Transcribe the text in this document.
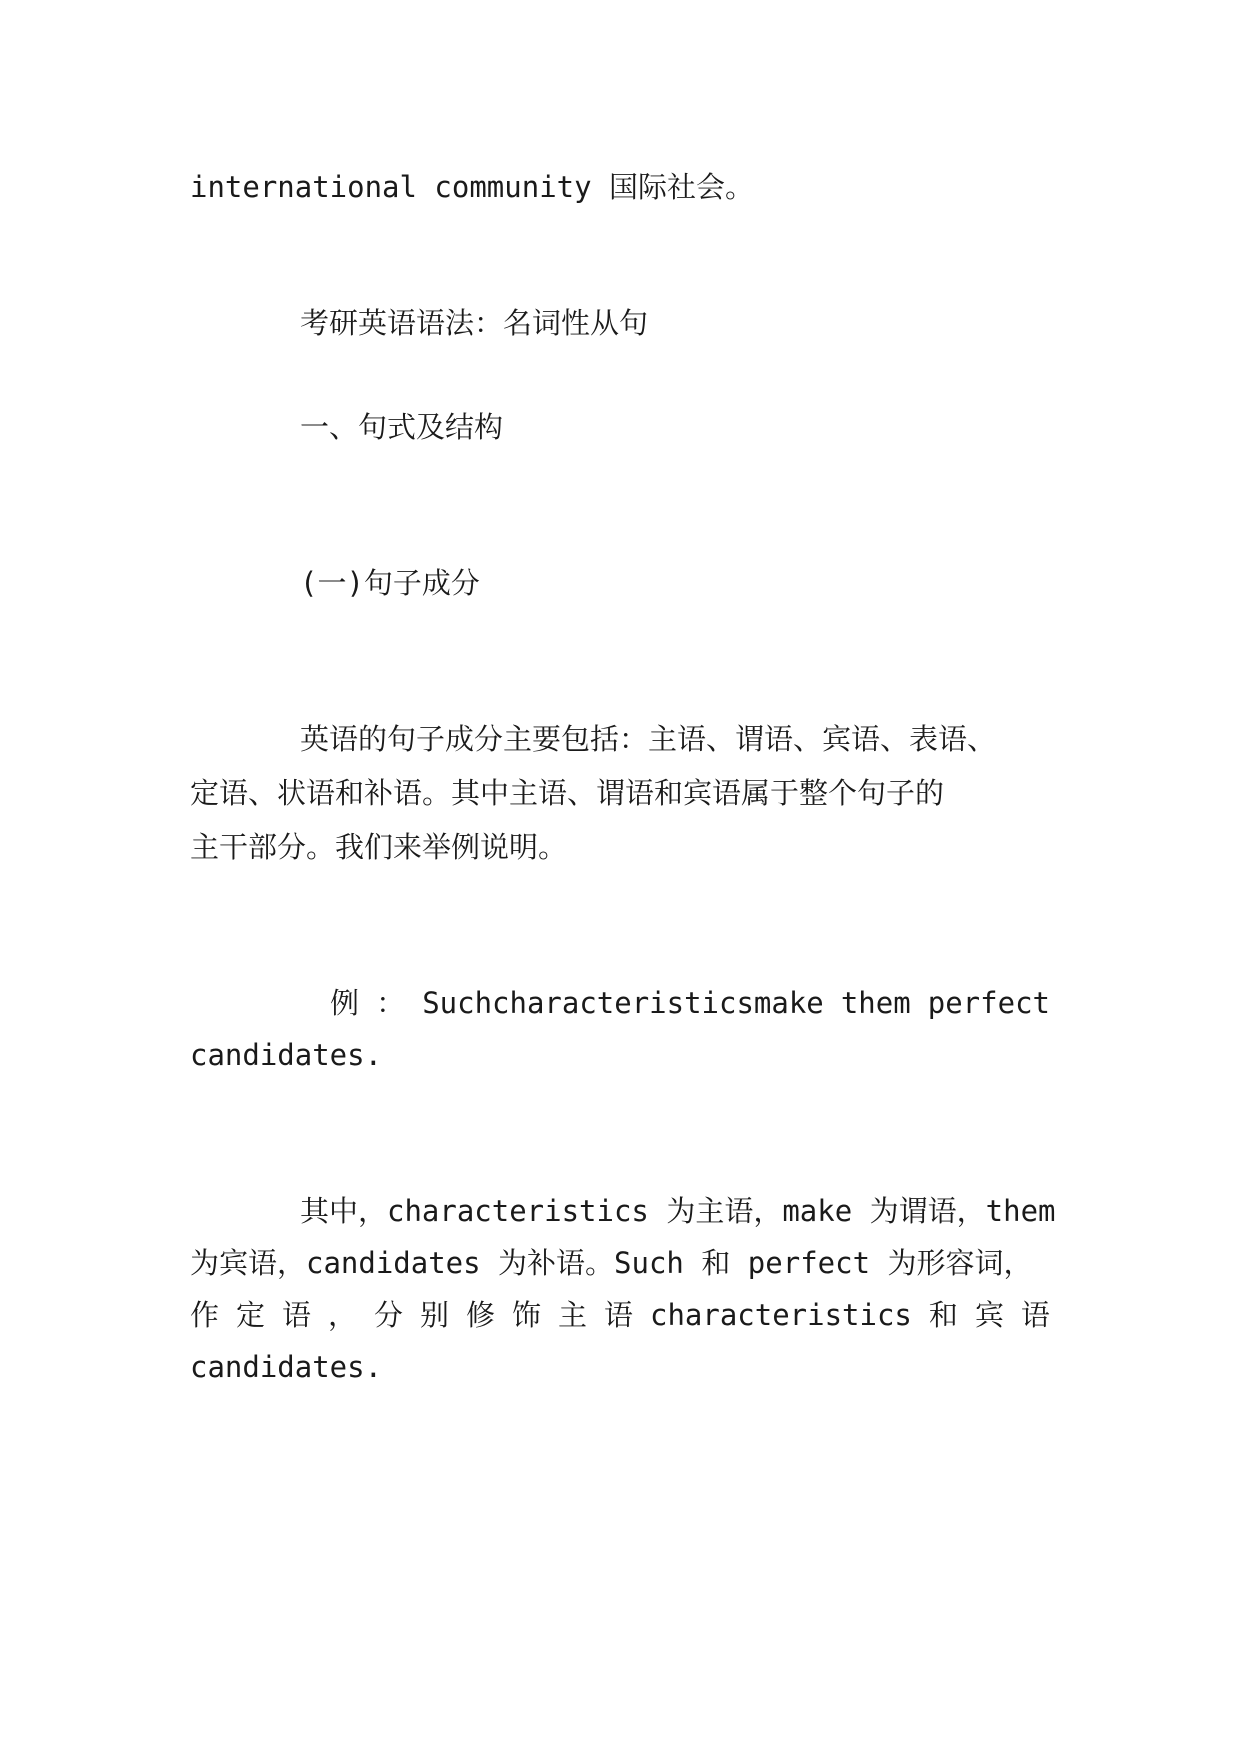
international community 国际社会。

考研英语语法：名词性从句

一、句式及结构

(一)句子成分

英语的句子成分主要包括：主语、谓语、宾语、表语、

定语、状语和补语。其中主语、谓语和宾语属于整个句子的

主干部分。我们来举例说明。

例 ： Suchcharacteristicsmake them perfect

candidates.

其中，characteristics 为主语，make 为谓语，them

为宾语，candidates 为补语。Such 和 perfect 为形容词，

作 定 语 ， 分 别 修 饰 主 语 characteristics 和 宾 语

candidates.
